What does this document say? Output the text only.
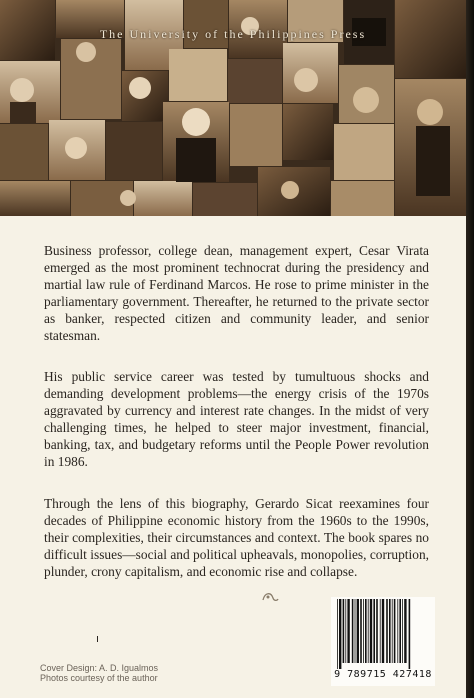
The University of the Philippines Press

Business professor, college dean, management expert, Cesar Virata emerged as the most prominent technocrat during the presidency and martial law rule of Ferdinand Marcos. He rose to prime minister in the parliamentary government. Thereafter, he returned to the private sector as banker, respected citizen and community leader, and senior statesman.

His public service career was tested by tumultuous shocks and demanding development problems—the energy crisis of the 1970s aggravated by currency and interest rate changes. In the midst of very challenging times, he helped to steer major investment, financial, banking, tax, and budgetary reforms until the People Power revolution in 1986.

Through the lens of this biography, Gerardo Sicat reexamines four decades of Philippine economic history from the 1960s to the 1990s, their complexities, their circumstances and context. The book spares no difficult issues—social and political upheavals, monopolies, corruption, plunder, crony capitalism, and economic rise and collapse.

Cover Design: A. D. Igualmos
Photos courtesy of the author	9 789715 427418
